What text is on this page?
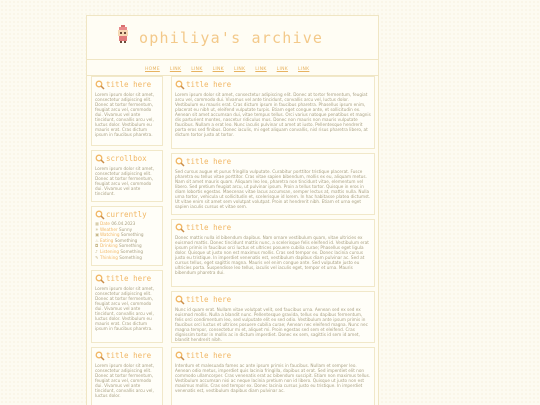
ophiliya's archive
HOME LINK LINK LINK LINK LINK LINK LINK
title here

Lorem ipsum dolor sit amet, consectetur adipiscing elit. Donec at tortor fermentum, feugiat arcu vel, commodo dui. Vivamus vel ante tincidunt, convallis arcu vel, luctus dolor. Vestibulum eu mauris erat. Cras dictum ipsum in faucibus pharetra.

scrollbox

Lorem ipsum dolor sit amet, consectetur adipiscing elit. Donec at tortor fermentum, feugiat arcu vel, commodo dui. Vivamus vel ante tincidunt.

currently
▦Date 06.04.2023
☀Weather Sunny
▣Watching Something
♨Eating Something
◘ Drinking Something
♪ Listening Something
✎Thinking Something
title here

Lorem ipsum dolor sit amet, consectetur adipiscing elit. Donec at tortor fermentum, feugiat arcu vel, commodo dui. Vivamus vel ante tincidunt, convallis arcu vel, luctus dolor. Vestibulum eu mauris erat. Cras dictum ipsum in faucibus pharetra.

title here

Lorem ipsum dolor sit amet, consectetur adipiscing elit. Donec at tortor fermentum, feugiat arcu vel, commodo dui. Vivamus vel ante tincidunt, convallis arcu vel, luctus dolor.

title here

Lorem ipsum dolor sit amet, consectetur adipiscing elit. Donec at tortor fermentum, feugiat arcu vel, commodo dui. Vivamus vel ante tincidunt, convallis arcu vel, luctus dolor. Vestibulum eu mauris erat. Cras dictum ipsum in faucibus pharetra. Phasellus ipsum enim, placerat eu nibh ut, eleifend vulputate turpis. Etiam eget congue ante, et sollicitudin ex. Aenean sit amet accumsan dui, vitae tempus tellus. Orci varius natoque penatibus et magnis dis parturient montes, nascetur ridiculus mus. Donec non mauris non mauris vulputate faucibus. Nullam a erat leo. Nunc iaculis pulvinar ut amet at iusto. Pellentesque hendrerit porta eros sed finibus. Donec iaculis, mi eget aliquam convallis, nisl risus pharetra libero, at dictum tortor justo at tortor.

title here

Sed cursus augue et purus fringilla vulputate. Curabitur porttitor tristique placerat. Fusce pharetra eu tellus vitae porttitor. Cras vitae sapien bibendum, mollis ex eu, aliquam metus. Nam sit amet mauris quam. Aliquam leo leo, pharetra non tincidunt vitae, elementum vel libero. Sed pretium feugiat arcu, ut pulvinar ipsum. Proin a tellus tortor. Quisque in eros in diam lobortis egestas. Maecenas vitae lacus accumsan, semper lectus at, mattis nulla. Nulla urna tortor, vehicula ut sollicitudin et, scelerisque id lorem. In hac habitasse platea dictumst. Ut vitae enim sit amet sem volutpat volutpat. Proin at hendrerit nibh. Etiam et urna eget sapien iaculis cursus et vitae sem.

title here

Donec mattis nulla id bibendum dapibus. Nam ornare vestibulum quam, vitae ultricies ex euismod mattis. Donec tincidunt mattis nunc, a scelerisque felis eleifend id. Vestibulum erat ipsum primis in faucibus orci luctus et ultrices posuere cubilia curae; Phasellus eget ligula dolor. Quisque ut justo non est maximus mollis. Cras sed tempor ex. Donec lacinia cursus justo eu tristique. In imperdiet venenatis est, vestibulum dapibus diam pulvinar ac. Sed at cursus tellus, eget sagittis magna. Mauris vel enim congue ante. Sed vulputate justo eu ultricies porta. Suspendisse leo tellus, iaculis vel iaculis eget, tempor et urna. Mauris bibendum pharetra dui.

title here

Nunc id quam erat. Nullam vitae volutpat velit, sed faucibus urna. Aenean sed ex sed ex euismod mollis. Nulla a blandit nunc. Pellentesque gravida, tellus eu dapibus fermentum, felis orci condimentum leo, sed vulputate elit ex sed odio. Vestibulum ante ipsum primis in faucibus orci luctus et ultrices posuere cubilia curae; Aenean nec eleifend magna. Nunc nec magna tempor, consectetur mi et, aliquet mi. Proin egestas sed sem et eleifend. Cras dignissim tortor in mollis ac in dictum imperdiet. Donec ex sem, sagittis id sem id amet, blandit hendrerit nibh.

title here

Interdum et malesuada fames ac ante ipsum primis in faucibus. Nullam et semper leo. Aenean odio metus, imperdiet quis lacinia fringilla, dapibus at erat. Sed imperdiet elit non commodo ullamcorper. Cras venenatis erat ac bibendum suscipit. Etiam non maximus tellus. Vestibulum accumsan nisi ac neque lacinia pretium non id libero. Quisque ut justo non est maximus mollis. Cras sed tempor ex. Donec lacinia cursus justo eu tristique. In imperdiet venenatis est, vestibulum dapibus diam pulvinar ac.
